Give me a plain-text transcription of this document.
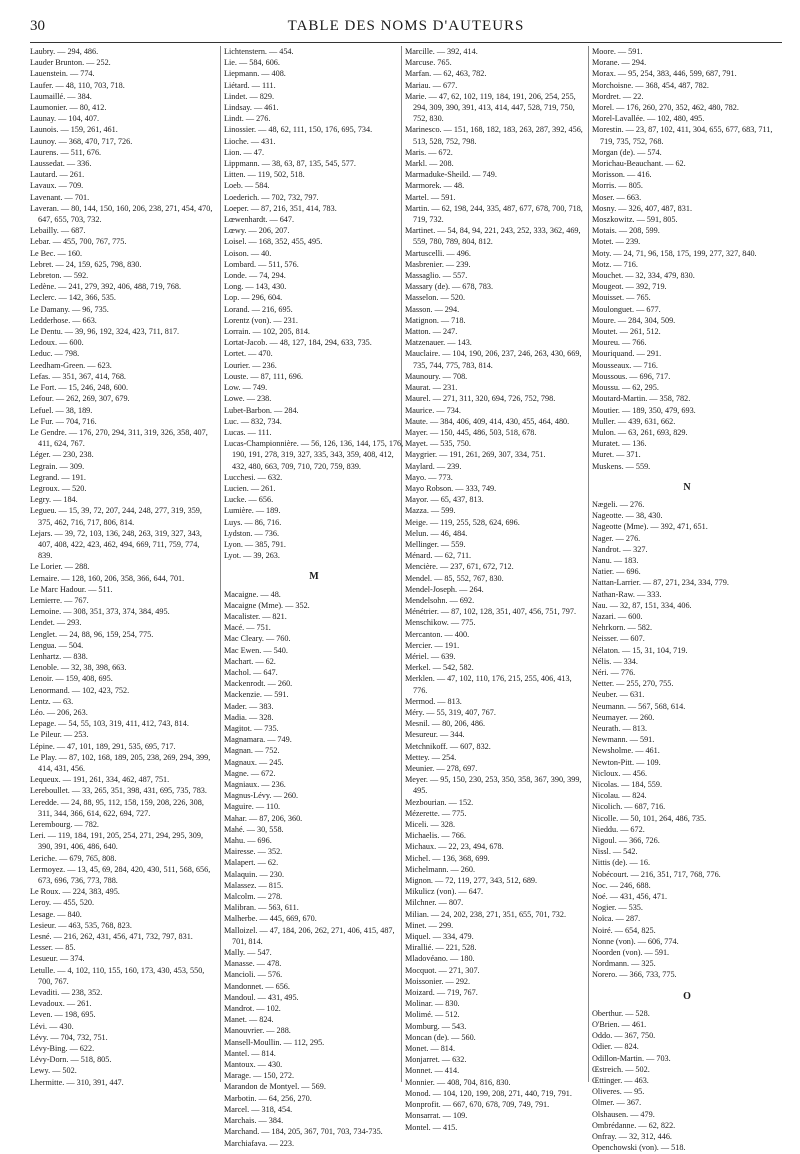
30	TABLE DES NOMS D'AUTEURS

Laubry. — 294, 486.

Lauder Brunton. — 252.

Lauenstein. — 774.

Laufer. — 48, 110, 703, 718.

Laumaillé. — 384.

Laumonier. — 80, 412.

Launay. — 104, 407.

Launois. — 159, 261, 461.

Launoy. — 368, 470, 717, 726.

Laurens. — 511, 676.

Laussedat. — 336.

Lautard. — 261.

Lavaux. — 709.

Lavenant. — 701.

Laveran. — 80, 144, 150, 160, 206, 238, 271, 454, 470, 647, 655, 703, 732.

Lebailly. — 687.

Lebar. — 455, 700, 767, 775.

Le Bec. — 160.

Lebret. — 24, 159, 625, 798, 830.

Lebreton. — 592.

Ledène. — 241, 279, 392, 406, 488, 719, 768.

Leclerc. — 142, 366, 535.

Le Damany. — 96, 735.

Ledderhose. — 663.

Le Dentu. — 39, 96, 192, 324, 423, 711, 817.

Ledoux. — 600.

Leduc. — 798.

Leedham-Green. — 623.

Lefas. — 351, 367, 414, 768.

Le Fort. — 15, 246, 248, 600.

Lefour. — 262, 269, 307, 679.

Lefuel. — 38, 189.

Le Fur. — 704, 716.

Le Gendre. — 176, 270, 294, 311, 319, 326, 358, 407, 411, 624, 767.

Léger. — 230, 238.

Legrain. — 309.

Legrand. — 191.

Legroux. — 520.

Legry. — 184.

Legueu. — 15, 39, 72, 207, 244, 248, 277, 319, 359, 375, 462, 716, 717, 806, 814.

Lejars. — 39, 72, 103, 136, 248, 263, 319, 327, 343, 407, 408, 422, 423, 462, 494, 669, 711, 759, 774, 839.

Le Lorier. — 288.

Lemaire. — 128, 160, 206, 358, 366, 644, 701.

Le Marc Hadour. — 511.

Lemierre. — 767.

Lemoine. — 308, 351, 373, 374, 384, 495.

Lendet. — 293.

Lenglet. — 24, 88, 96, 159, 254, 775.

Lengua. — 504.

Lenhartz. — 838.

Lenoble. — 32, 38, 398, 663.

Lenoir. — 159, 408, 695.

Lenormand. — 102, 423, 752.

Lentz. — 63.

Léo. — 206, 263.

Lepage. — 54, 55, 103, 319, 411, 412, 743, 814.

Le Pileur. — 253.

Lépine. — 47, 101, 189, 291, 535, 695, 717.

Le Play. — 87, 102, 168, 189, 205, 238, 269, 294, 399, 414, 431, 456.

Lequeux. — 191, 261, 334, 462, 487, 751.

Lereboullet. — 33, 265, 351, 398, 431, 695, 735, 783.

Leredde. — 24, 88, 95, 112, 158, 159, 208, 226, 308, 311, 344, 366, 614, 622, 694, 727.

Lerembourg. — 782.

Leri. — 119, 184, 191, 205, 254, 271, 294, 295, 309, 390, 391, 406, 486, 640.

Leriche. — 679, 765, 808.

Lermoyez. — 13, 45, 69, 284, 420, 430, 511, 568, 656, 673, 696, 736, 773, 788.

Le Roux. — 224, 383, 495.

Leroy. — 455, 520.

Lesage. — 840.

Lesieur. — 463, 535, 768, 823.

Lesné. — 216, 262, 431, 456, 471, 732, 797, 831.

Lesser. — 85.

Lesueur. — 374.

Letulle. — 4, 102, 110, 155, 160, 173, 430, 453, 550, 700, 767.

Levaditi. — 238, 352.

Levadoux. — 261.

Leven. — 198, 695.

Lévi. — 430.

Lévy. — 704, 732, 751.

Lévy-Bing. — 622.

Lévy-Dorn. — 518, 805.

Lewy. — 502.

Lhermitte. — 310, 391, 447.

Lichtenstern. — 454.

Lie. — 584, 606.

Liepmann. — 408.

Liétard. — 111.

Lindet. — 829.

Lindsay. — 461.

Lindt. — 276.

Linossier. — 48, 62, 111, 150, 176, 695, 734.

Lioche. — 431.

Lion. — 47.

Lippmann. — 38, 63, 87, 135, 545, 577.

Litten. — 119, 502, 518.

Loeb. — 584.

Loederich. — 702, 732, 797.

Loeper. — 87, 216, 351, 414, 783.

Lœwenhardt. — 647.

Lœwy. — 206, 207.

Loisel. — 168, 352, 455, 495.

Loison. — 40.

Lombard. — 511, 576.

Londe. — 74, 294.

Long. — 143, 430.

Lop. — 296, 604.

Lorand. — 216, 695.

Lorentz (von). — 231.

Lorrain. — 102, 205, 814.

Lortat-Jacob. — 48, 127, 184, 294, 633, 735.

Lortet. — 470.

Lourier. — 236.

Louste. — 87, 111, 696.

Low. — 749.

Lowe. — 238.

Lubet-Barbon. — 284.

Luc. — 832, 734.

Lucas. — 111.

Lucas-Championnière. — 56, 126, 136, 144, 175, 176, 190, 191, 278, 319, 327, 335, 343, 359, 408, 412, 432, 480, 663, 709, 710, 720, 759, 839.

Lucchesi. — 632.

Lucien. — 261.

Lucke. — 656.

Lumière. — 189.

Luys. — 86, 716.

Lydston. — 736.

Lyon. — 385, 791.

Lyot. — 39, 263.

M

Macaigne. — 48.

Macaigne (Mme). — 352.

Macalister. — 821.

Macé. — 751.

Mac Cleary. — 760.

Mac Ewen. — 540.

Machart. — 62.

Machol. — 647.

Mackenrodt. — 260.

Mackenzie. — 591.

Mader. — 383.

Madia. — 328.

Magitot. — 735.

Magnamara. — 749.

Magnan. — 752.

Magnaux. — 245.

Magne. — 672.

Magniaux. — 236.

Magnus-Lévy. — 260.

Maguire. — 110.

Mahar. — 87, 206, 360.

Mahé. — 30, 558.

Mahu. — 696.

Mairesse. — 352.

Malapert. — 62.

Malaquin. — 230.

Malassez. — 815.

Malcolm. — 278.

Malibran. — 563, 611.

Malherbe. — 445, 669, 670.

Malloizel. — 47, 184, 206, 262, 271, 406, 415, 487, 701, 814.

Mally. — 547.

Manasse. — 478.

Mancioli. — 576.

Mandonnet. — 656.

Mandoul. — 431, 495.

Mandrot. — 102.

Manet. — 824.

Manouvrier. — 288.

Mansell-Moullin. — 112, 295.

Mantel. — 814.

Mantoux. — 430.

Marage. — 150, 272.

Marandon de Montyel. — 569.

Marbotin. — 64, 256, 270.

Marcel. — 318, 454.

Marchais. — 384.

Marchand. — 184, 205, 367, 701, 703, 734-735.

Marchiafava. — 223.

Marcille. — 392, 414.

Marcuse. 765.

Marfan. — 62, 463, 782.

Mariau. — 677.

Marie. — 47, 62, 102, 119, 184, 191, 206, 254, 255, 294, 309, 390, 391, 413, 414, 447, 528, 719, 750, 752, 830.

Marinesco. — 151, 168, 182, 183, 263, 287, 392, 456, 513, 528, 752, 798.

Maris. — 672.

Markl. — 208.

Marmaduke-Sheild. — 749.

Marmorek. — 48.

Martel. — 591.

Martin. — 62, 198, 244, 335, 487, 677, 678, 700, 718, 719, 732.

Martinet. — 54, 84, 94, 221, 243, 252, 333, 362, 469, 559, 780, 789, 804, 812.

Martuscelli. — 496.

Masbrenier. — 239.

Massaglio. — 557.

Massary (de). — 678, 783.

Masselon. — 520.

Masson. — 294.

Matignon. — 718.

Matton. — 247.

Matzenauer. — 143.

Mauclaire. — 104, 190, 206, 237, 246, 263, 430, 669, 735, 744, 775, 783, 814.

Maunoury. — 708.

Maurat. — 231.

Maurel. — 271, 311, 320, 694, 726, 752, 798.

Maurice. — 734.

Maute. — 384, 406, 409, 414, 430, 455, 464, 480.

Mayer. — 150, 445, 486, 503, 518, 678.

Mayet. — 535, 750.

Maygrier. — 191, 261, 269, 307, 334, 751.

Maylard. — 239.

Mayo. — 773.

Mayo Robson. — 333, 749.

Mayor. — 65, 437, 813.

Mazza. — 599.

Meige. — 119, 255, 528, 624, 696.

Melun. — 46, 484.

Mellinger. — 559.

Ménard. — 62, 711.

Mencière. — 237, 671, 672, 712.

Mendel. — 85, 552, 767, 830.

Mendel-Joseph. — 264.

Mendelsohn. — 692.

Ménétrier. — 87, 102, 128, 351, 407, 456, 751, 797.

Menschikow. — 775.

Mercanton. — 400.

Mercier. — 191.

Mériel. — 639.

Merkel. — 542, 582.

Merklen. — 47, 102, 110, 176, 215, 255, 406, 413, 776.

Mermod. — 813.

Méry. — 55, 319, 407, 767.

Mesnil. — 80, 206, 486.

Mesureur. — 344.

Metchnikoff. — 607, 832.

Mettey. — 254.

Meunier. — 278, 697.

Meyer. — 95, 150, 230, 253, 350, 358, 367, 390, 399, 495.

Mezbourian. — 152.

Mézerette. — 775.

Miceli. — 328.

Michaelis. — 766.

Michaux. — 22, 23, 494, 678.

Michel. — 136, 368, 699.

Michelmann. — 260.

Mignon. — 72, 119, 277, 343, 512, 689.

Mikulicz (von). — 647.

Milchner. — 807.

Milian. — 24, 202, 238, 271, 351, 655, 701, 732.

Minet. — 299.

Miquel. — 334, 479.

Mirallié. — 221, 528.

Mladovéano. — 180.

Mocquot. — 271, 307.

Moissonier. — 292.

Moizard. — 719, 767.

Molinar. — 830.

Molimé. — 512.

Momburg. — 543.

Moncan (de). — 560.

Monet. — 814.

Monjarret. — 632.

Monnet. — 414.

Monnier. — 408, 704, 816, 830.

Monod. — 104, 120, 199, 208, 271, 440, 719, 791.

Monprofit. — 667, 670, 678, 709, 749, 791.

Monsarrat. — 109.

Montel. — 415.

Moore. — 591.

Morane. — 294.

Morax. — 95, 254, 383, 446, 599, 687, 791.

Morchoisne. — 368, 454, 487, 782.

Mordret. — 22.

Morel. — 176, 260, 270, 352, 462, 480, 782.

Morel-Lavallée. — 102, 480, 495.

Morestin. — 23, 87, 102, 411, 304, 655, 677, 683, 711, 719, 735, 752, 768.

Morgan (de). — 574.

Morichau-Beauchant. — 62.

Morisson. — 416.

Morris. — 805.

Moser. — 663.

Mosny. — 326, 407, 487, 831.

Moszkowitz. — 591, 805.

Motais. — 208, 599.

Motet. — 239.

Moty. — 24, 71, 96, 158, 175, 199, 277, 327, 840.

Motz. — 716.

Mouchet. — 32, 334, 479, 830.

Mougeot. — 392, 719.

Mouisset. — 765.

Moulonguet. — 677.

Moure. — 284, 304, 509.

Moutet. — 261, 512.

Moureu. — 766.

Mouriquand. — 291.

Mousseaux. — 716.

Moussous. — 696, 717.

Moussu. — 62, 295.

Moutard-Martin. — 358, 782.

Moutier. — 189, 350, 479, 693.

Muller. — 439, 631, 662.

Mulon. — 63, 261, 693, 829.

Muratet. — 136.

Muret. — 371.

Muskens. — 559.

N

Nægeli. — 276.

Nageotte. — 38, 430.

Nageotte (Mme). — 392, 471, 651.

Nager. — 276.

Nandrot. — 327.

Nanu. — 183.

Natier. — 696.

Nattan-Larrier. — 87, 271, 234, 334, 779.

Nathan-Raw. — 333.

Nau. — 32, 87, 151, 334, 406.

Nazari. — 600.

Nehrkorn. — 582.

Neisser. — 607.

Nélaton. — 15, 31, 104, 719.

Nélis. — 334.

Néri. — 776.

Netter. — 255, 270, 755.

Neuber. — 631.

Neumann. — 567, 568, 614.

Neumayer. — 260.

Neurath. — 813.

Newmann. — 591.

Newsholme. — 461.

Newton-Pitt. — 109.

Nicloux. — 456.

Nicolas. — 184, 559.

Nicolau. — 824.

Nicolich. — 687, 716.

Nicolle. — 50, 101, 264, 486, 735.

Nieddu. — 672.

Nigoul. — 366, 726.

Nissl. — 542.

Nittis (de). — 16.

Nobécourt. — 216, 351, 717, 768, 776.

Noc. — 246, 688.

Noé. — 431, 456, 471.

Nogier. — 535.

Noïca. — 287.

Noiré. — 654, 825.

Nonne (von). — 606, 774.

Noorden (von). — 591.

Nordmann. — 325.

Norero. — 366, 733, 775.

O

Oberthur. — 528.

O'Brien. — 461.

Oddo. — 367, 750.

Odier. — 824.

Odillon-Martin. — 703.

Œstreich. — 502.

Œttinger. — 463.

Oliveres. — 95.

Olmer. — 367.

Olshausen. — 479.

Ombrédanne. — 62, 822.

Onfray. — 32, 312, 446.

Openchowski (von). — 518.
